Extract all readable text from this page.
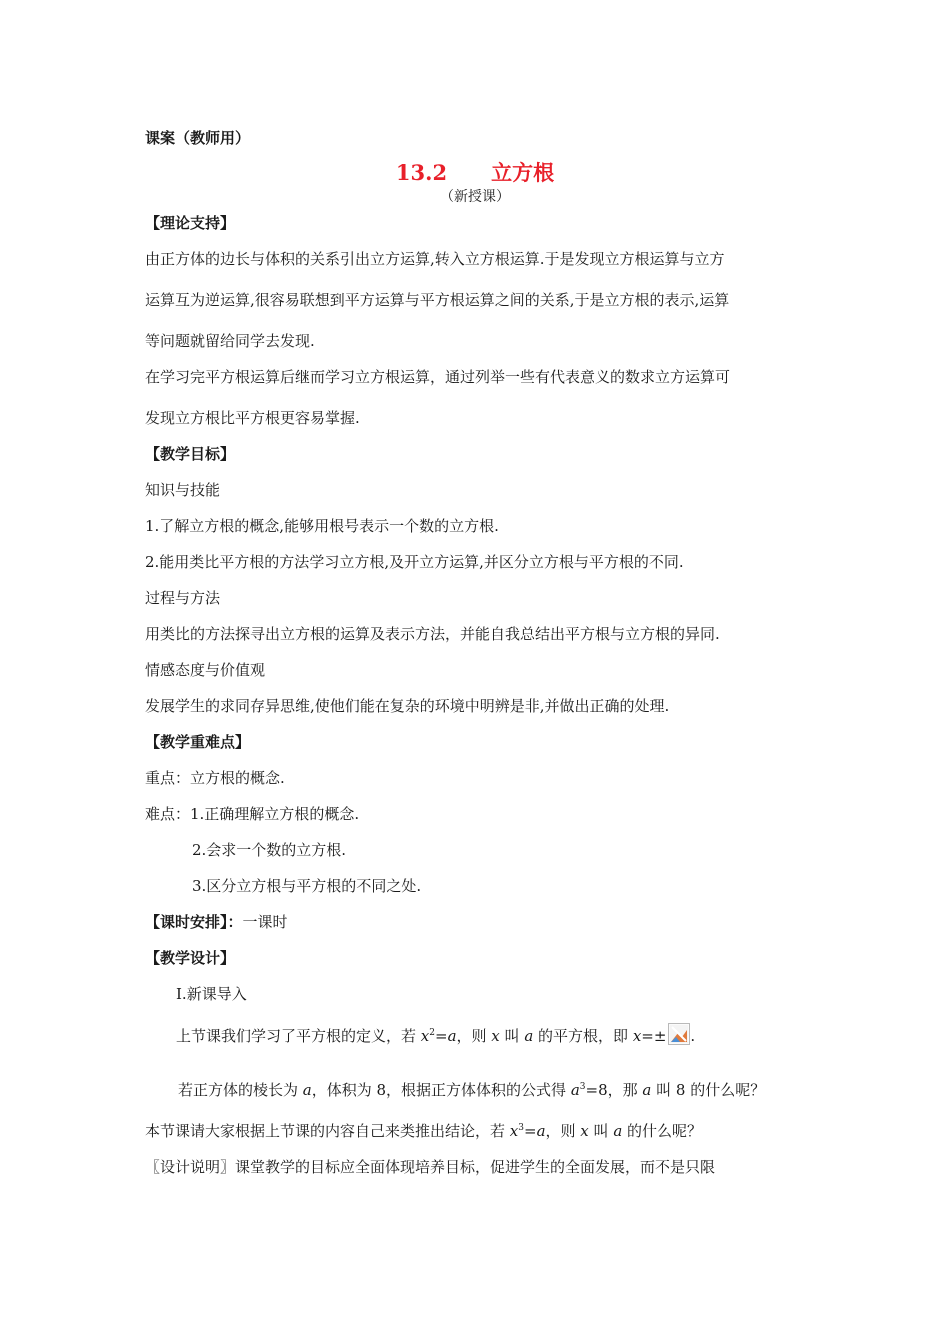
课案（教师用）
13.2 立方根
（新授课）
【理论支持】
由正方体的边长与体积的关系引出立方运算,转入立方根运算.于是发现立方根运算与立方
运算互为逆运算,很容易联想到平方运算与平方根运算之间的关系,于是立方根的表示,运算
等问题就留给同学去发现.
在学习完平方根运算后继而学习立方根运算，通过列举一些有代表意义的数求立方运算可
发现立方根比平方根更容易掌握.
【教学目标】
知识与技能
1.了解立方根的概念,能够用根号表示一个数的立方根.
2.能用类比平方根的方法学习立方根,及开立方运算,并区分立方根与平方根的不同.
过程与方法
用类比的方法探寻出立方根的运算及表示方法，并能自我总结出平方根与立方根的异同.
情感态度与价值观
发展学生的求同存异思维,使他们能在复杂的环境中明辨是非,并做出正确的处理.
【教学重难点】
重点：立方根的概念.
难点：1.正确理解立方根的概念.
2.会求一个数的立方根.
3.区分立方根与平方根的不同之处.
【课时安排】：一课时
【教学设计】
Ⅰ.新课导入
上节课我们学习了平方根的定义，若 $x^2=a$，则 x 叫 a 的平方根，即 x=± .
若正方体的棱长为 a，体积为 8，根据正方体体积的公式得 $a^3=8$，那 a 叫 8 的什么呢？
本节课请大家根据上节课的内容自己来类推出结论，若 $x^3=a$，则 x 叫 a 的什么呢？
〖设计说明〗课堂教学的目标应全面体现培养目标，促进学生的全面发展，而不是只限
